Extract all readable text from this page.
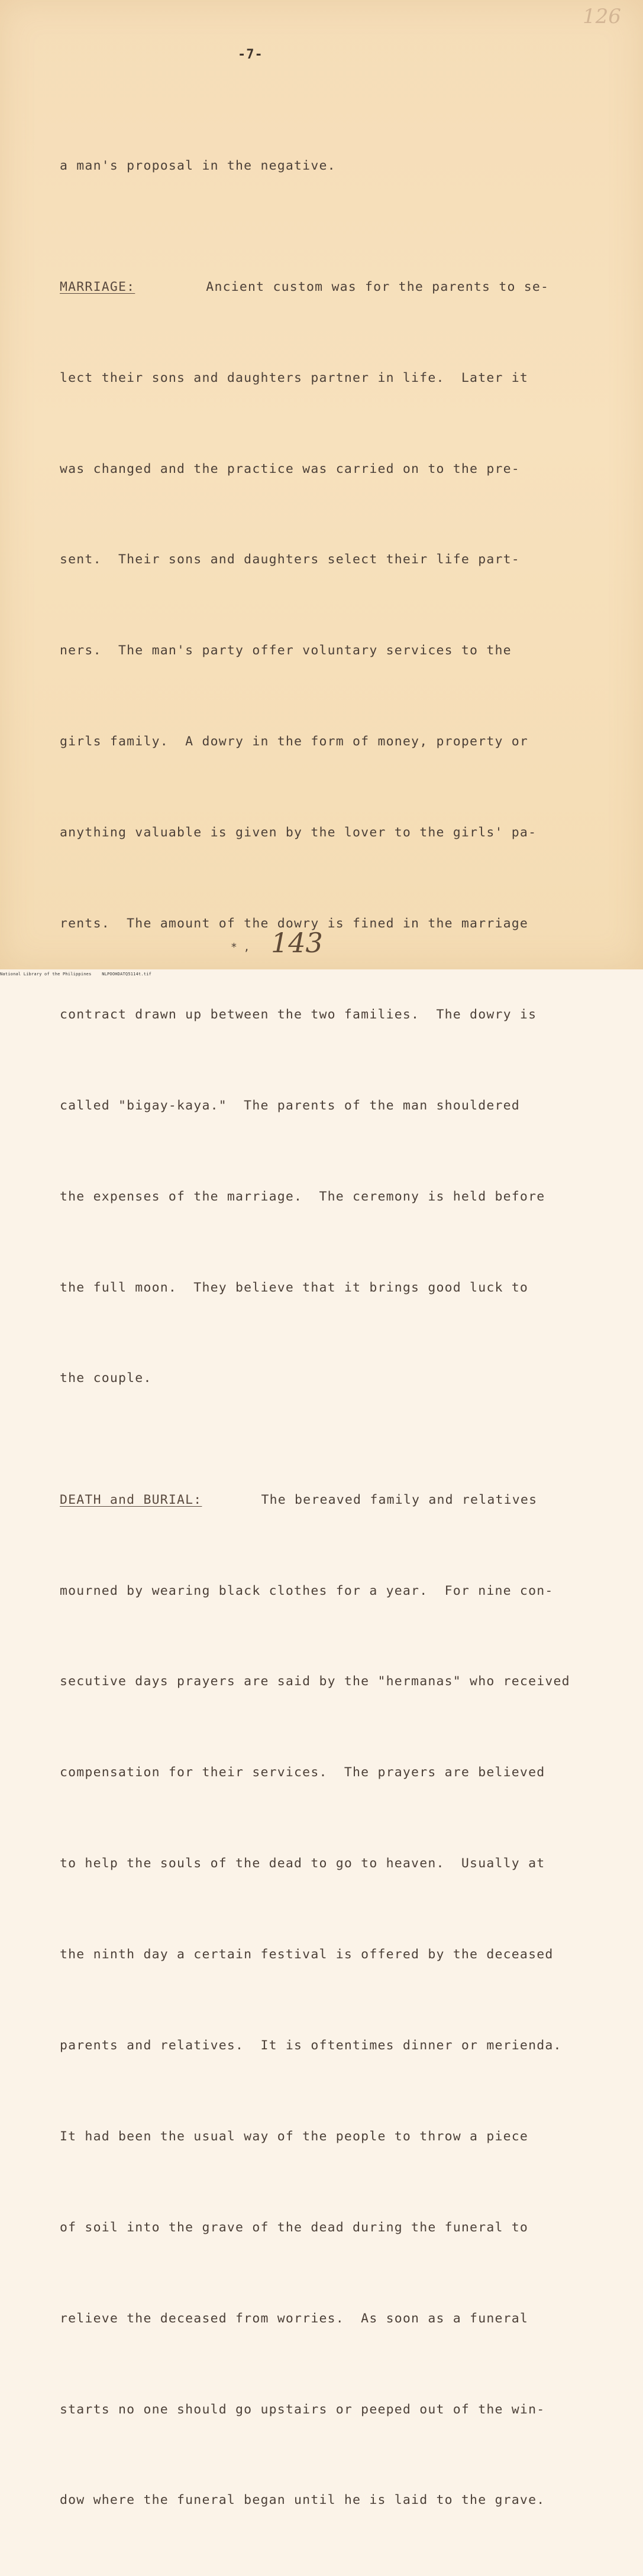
126
-7-

a man's proposal in the negative.

MARRIAGE:	Ancient custom was for the parents to se-

lect their sons and daughters partner in life.  Later it

was changed and the practice was carried on to the pre-

sent.  Their sons and daughters select their life part-

ners.  The man's party offer voluntary services to the

girls family.  A dowry in the form of money, property or

anything valuable is given by the lover to the girls' pa-

rents.  The amount of the dowry is fined in the marriage

contract drawn up between the two families.  The dowry is

called "bigay-kaya."  The parents of the man shouldered

the expenses of the marriage.  The ceremony is held before

the full moon.  They believe that it brings good luck to

the couple.

DEATH and BURIAL:	The bereaved family and relatives

mourned by wearing black clothes for a year.  For nine con-

secutive days prayers are said by the "hermanas" who received

compensation for their services.  The prayers are believed

to help the souls of the dead to go to heaven.  Usually at

the ninth day a certain festival is offered by the deceased

parents and relatives.  It is oftentimes dinner or merienda.

It had been the usual way of the people to throw a piece

of soil into the grave of the dead during the funeral to

relieve the deceased from worries.  As soon as a funeral

starts no one should go upstairs or peeped out of the win-

dow where the funeral began until he is laid to the grave.

* , 143
National Library of the Philippines	NLPOOHDATQ5114t.tif
